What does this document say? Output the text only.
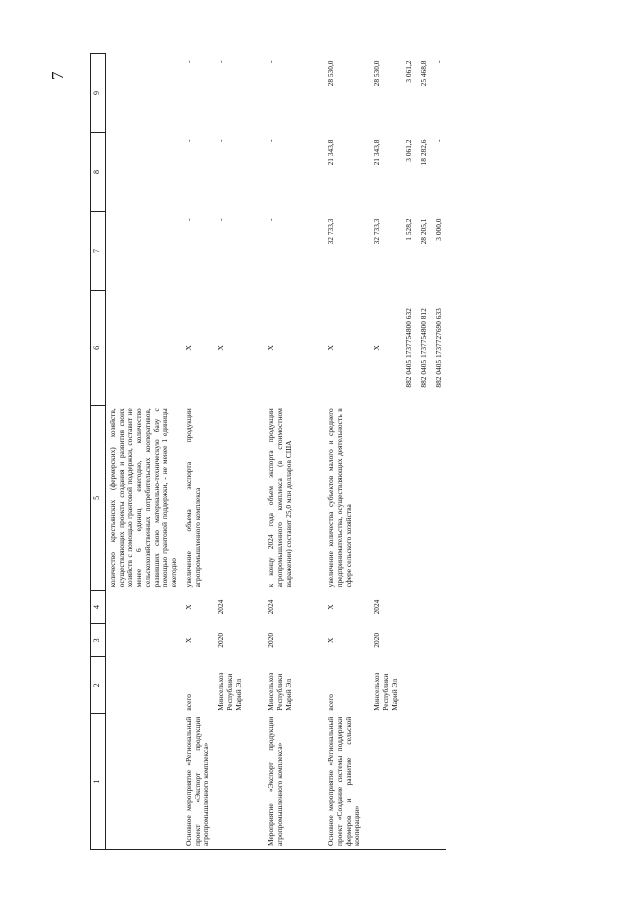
7
1	2	3	4	5	6	7	8	9
				количество крестьянских (фермерских) хозяйств, осуществляющих проекты создания и развития своих хозяйств с помощью грантовой поддержки, составит не менее 6 единиц ежегодно, количество сельскохозяйственных потребительских кооперативов, развивших свою материально-техническую базу с помощью грантовой поддержки, - не менее 1 единицы ежегодно				
Основное мероприятие «Региональный проект «Экспорт продукции агропромышленного комплекса»	всего	X	X	увеличение объема экспорта продукции агропромышленного комплекса	X	-	-	-
	Минсельхоз Республики Марий Эл	2020	2024		X	-	-	-
Мероприятие «Экспорт продукции агропромышленного комплекса»	Минсельхоз Республики Марий Эл	2020	2024	к концу 2024 года объем экспорта продукции агропромышленного комплекса (в стоимостном выражении) составит 25,0 млн долларов США	X	-	-	-
Основное мероприятие «Региональный проект «Создание системы поддержки фермеров и развитие сельской кооперации»	всего	X	X	увеличение количества субъектов малого и среднего предпринимательства, осуществляющих деятельность в сфере сельского хозяйства	X	32 733,3	21 343,8	28 530,0
	Минсельхоз Республики Марий Эл	2020	2024		X	32 733,3	21 343,8	28 530,0
					882 0405 1737754800 632	1 528,2	3 061,2	3 061,2
					882 0405 1737754800 812	28 205,1	18 282,6	25 468,8
					882 0405 1737727690 633	3 000,0	-	-
